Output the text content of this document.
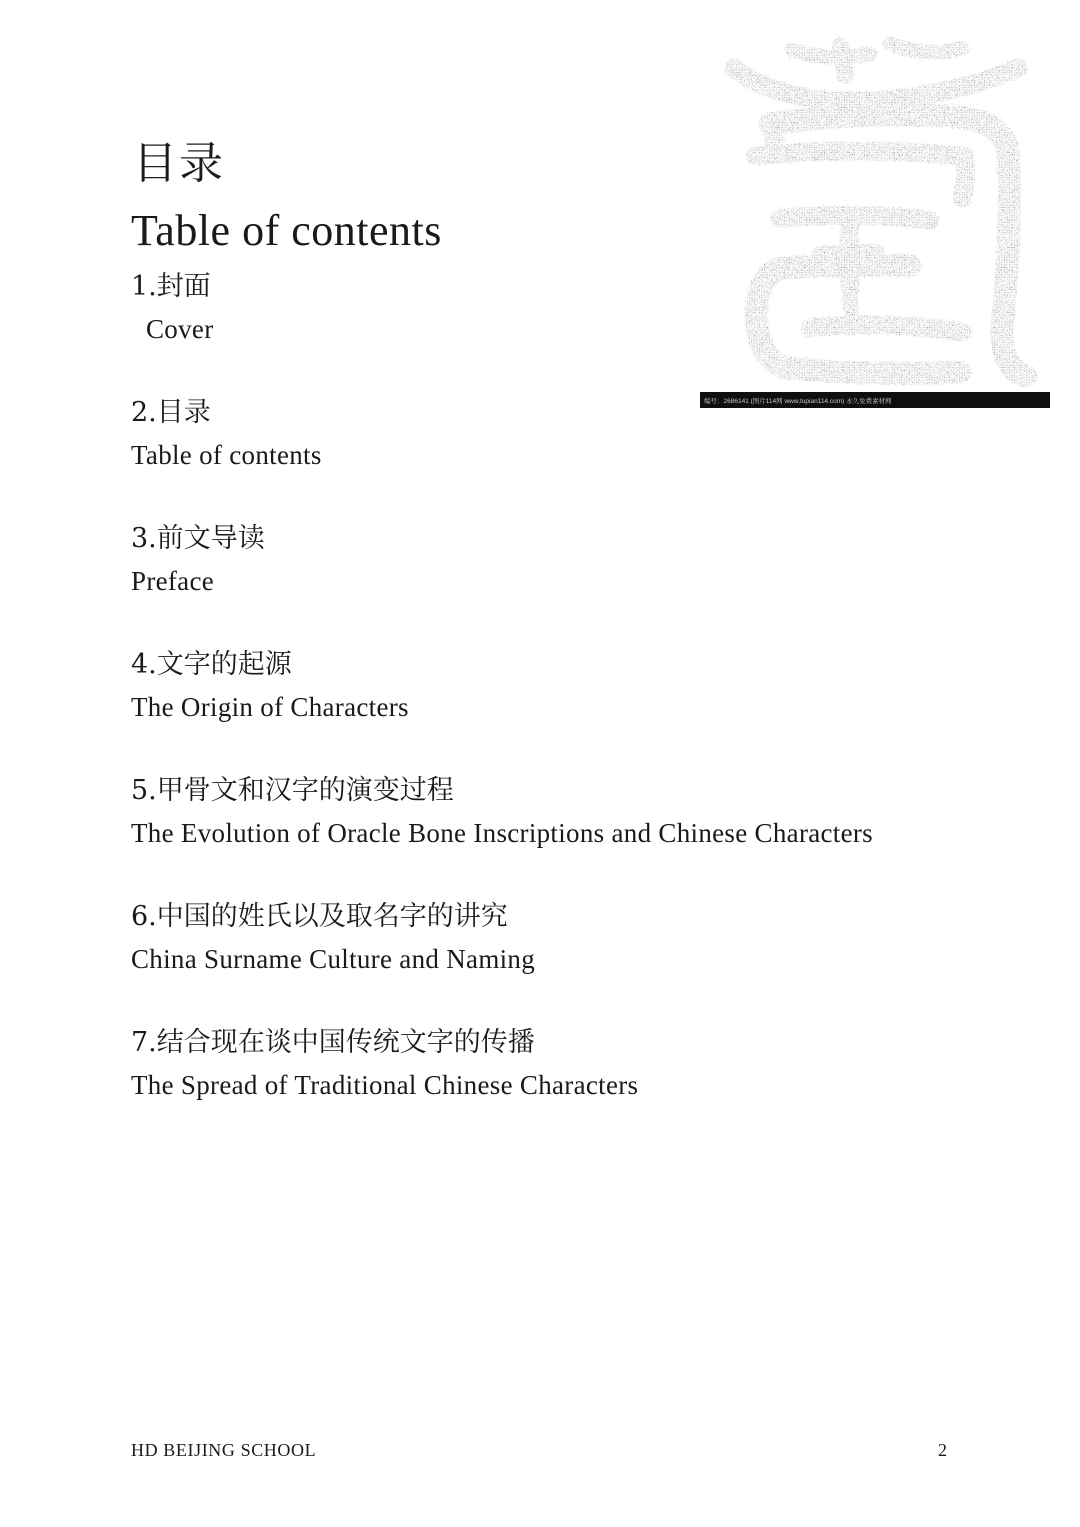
目录
Table of contents
1.封面
Cover
2.目录
Table of contents
3.前文导读
Preface
4.文字的起源
The Origin of Characters
5.甲骨文和汉字的演变过程
The Evolution of Oracle Bone Inscriptions and Chinese Characters
6.中国的姓氏以及取名字的讲究
China Surname Culture and Naming
7.结合现在谈中国传统文字的传播
The Spread of Traditional Chinese Characters
编号：2686141 (图片114网 www.tupian114.com) 永久免费素材网
HD BEIJING SCHOOL	2
